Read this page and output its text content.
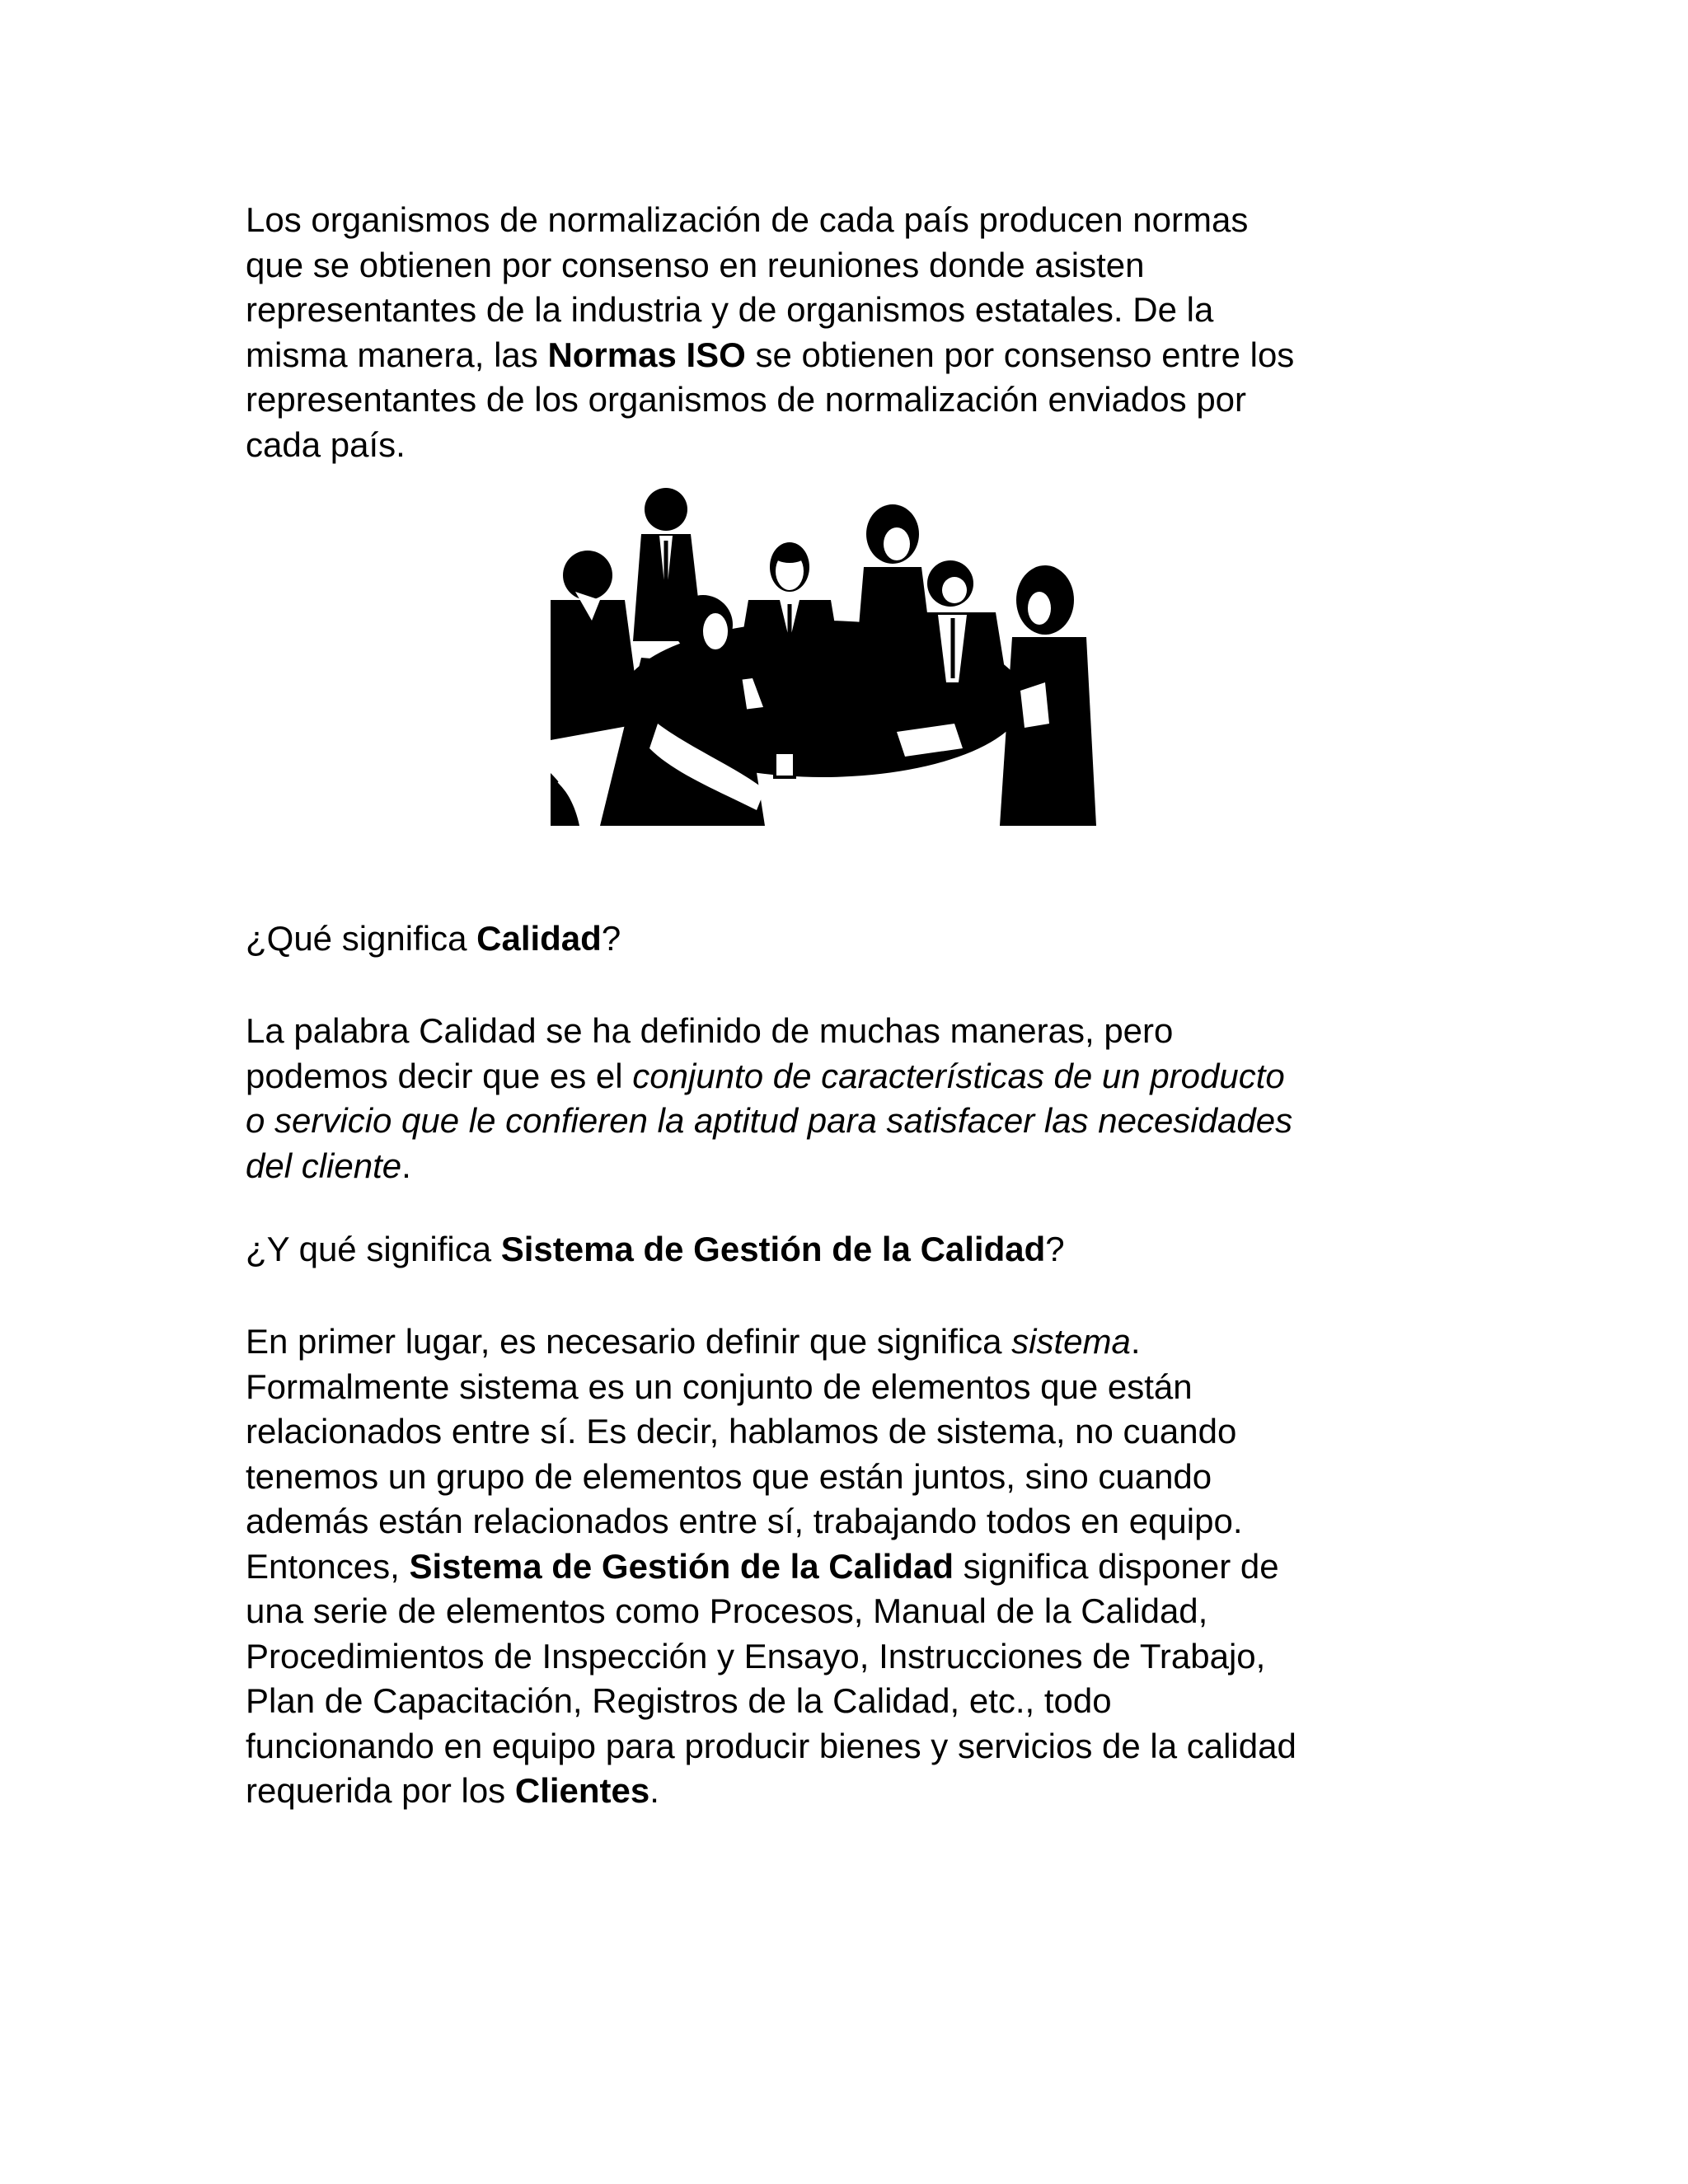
Los organismos de normalización de cada país producen normas
que se obtienen por consenso en reuniones donde asisten
representantes de la industria y de organismos estatales. De la
misma manera, las Normas ISO se obtienen por consenso entre los
representantes de los organismos de normalización enviados por
cada país.

¿Qué significa Calidad?

La palabra Calidad se ha definido de muchas maneras, pero
podemos decir que es el conjunto de características de un producto
o servicio que le confieren la aptitud para satisfacer las necesidades
del cliente.

¿Y qué significa Sistema de Gestión de la Calidad?

En primer lugar, es necesario definir que significa sistema.
Formalmente sistema es un conjunto de elementos que están
relacionados entre sí. Es decir, hablamos de sistema, no cuando
tenemos un grupo de elementos que están juntos, sino cuando
además están relacionados entre sí, trabajando todos en equipo.
Entonces, Sistema de Gestión de la Calidad significa disponer de
una serie de elementos como Procesos, Manual de la Calidad,
Procedimientos de Inspección y Ensayo, Instrucciones de Trabajo,
Plan de Capacitación, Registros de la Calidad, etc., todo
funcionando en equipo para producir bienes y servicios de la calidad
requerida por los Clientes.
